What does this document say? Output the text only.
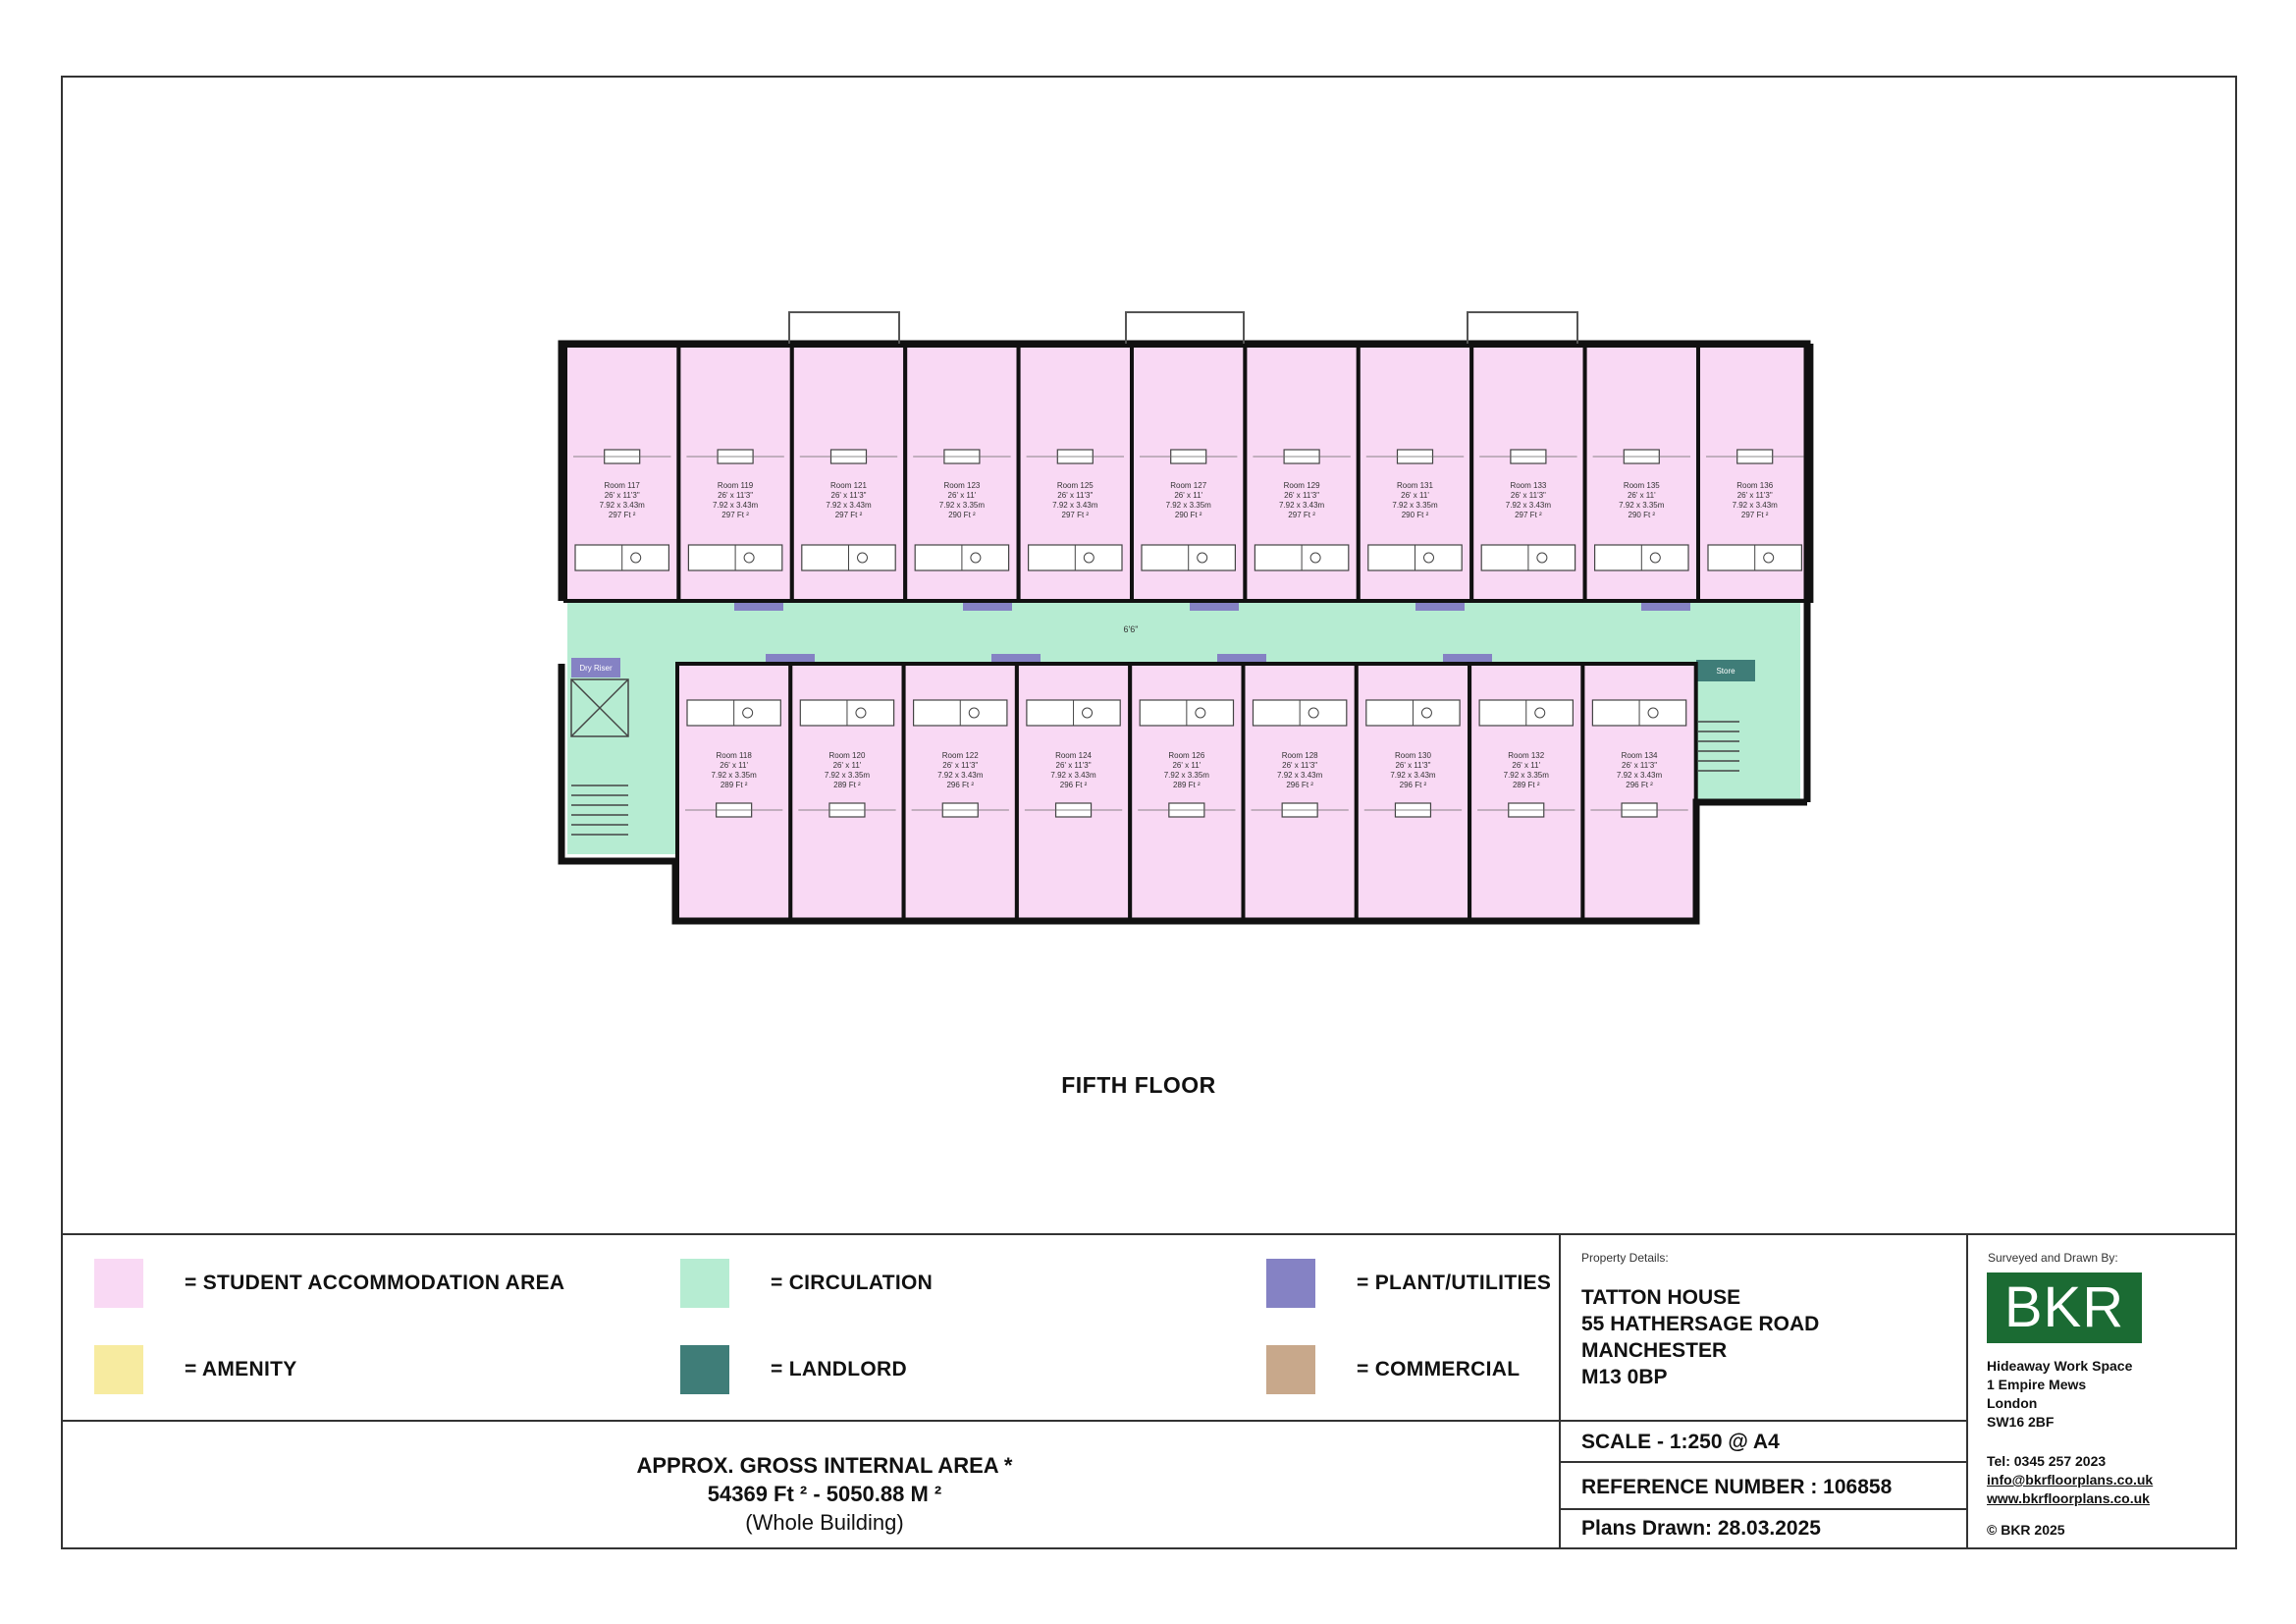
Room 117
26' x 11'3"
7.92 x 3.43m
297 Ft ²
Room 119
26' x 11'3"
7.92 x 3.43m
297 Ft ²
Room 121
26' x 11'3"
7.92 x 3.43m
297 Ft ²
Room 123
26' x 11'
7.92 x 3.35m
290 Ft ²
Room 125
26' x 11'3"
7.92 x 3.43m
297 Ft ²
Room 127
26' x 11'
7.92 x 3.35m
290 Ft ²
Room 129
26' x 11'3"
7.92 x 3.43m
297 Ft ²
Room 131
26' x 11'
7.92 x 3.35m
290 Ft ²
Room 133
26' x 11'3"
7.92 x 3.43m
297 Ft ²
Room 135
26' x 11'
7.92 x 3.35m
290 Ft ²
Room 136
26' x 11'3"
7.92 x 3.43m
297 Ft ²
Room 118
26' x 11'
7.92 x 3.35m
289 Ft ²
Room 120
26' x 11'
7.92 x 3.35m
289 Ft ²
Room 122
26' x 11'3"
7.92 x 3.43m
296 Ft ²
Room 124
26' x 11'3"
7.92 x 3.43m
296 Ft ²
Room 126
26' x 11'
7.92 x 3.35m
289 Ft ²
Room 128
26' x 11'3"
7.92 x 3.43m
296 Ft ²
Room 130
26' x 11'3"
7.92 x 3.43m
296 Ft ²
Room 132
26' x 11'
7.92 x 3.35m
289 Ft ²
Room 134
26' x 11'3"
7.92 x 3.43m
296 Ft ²
Dry Riser	Store
6'6"
FIFTH FLOOR
= STUDENT ACCOMMODATION AREA
= AMENITY
= CIRCULATION
= LANDLORD
= PLANT/UTILITIES
= COMMERCIAL
APPROX. GROSS INTERNAL AREA *
54369 Ft ² - 5050.88 M ²
(Whole Building)
Property Details:
TATTON HOUSE
55 HATHERSAGE ROAD
MANCHESTER
M13 0BP
SCALE - 1:250 @ A4
REFERENCE NUMBER : 106858
Plans Drawn: 28.03.2025
Surveyed and Drawn By:
BKR
Hideaway Work Space
1 Empire Mews
London
SW16 2BF
Tel: 0345 257 2023
info@bkrfloorplans.co.uk
www.bkrfloorplans.co.uk
© BKR 2025
